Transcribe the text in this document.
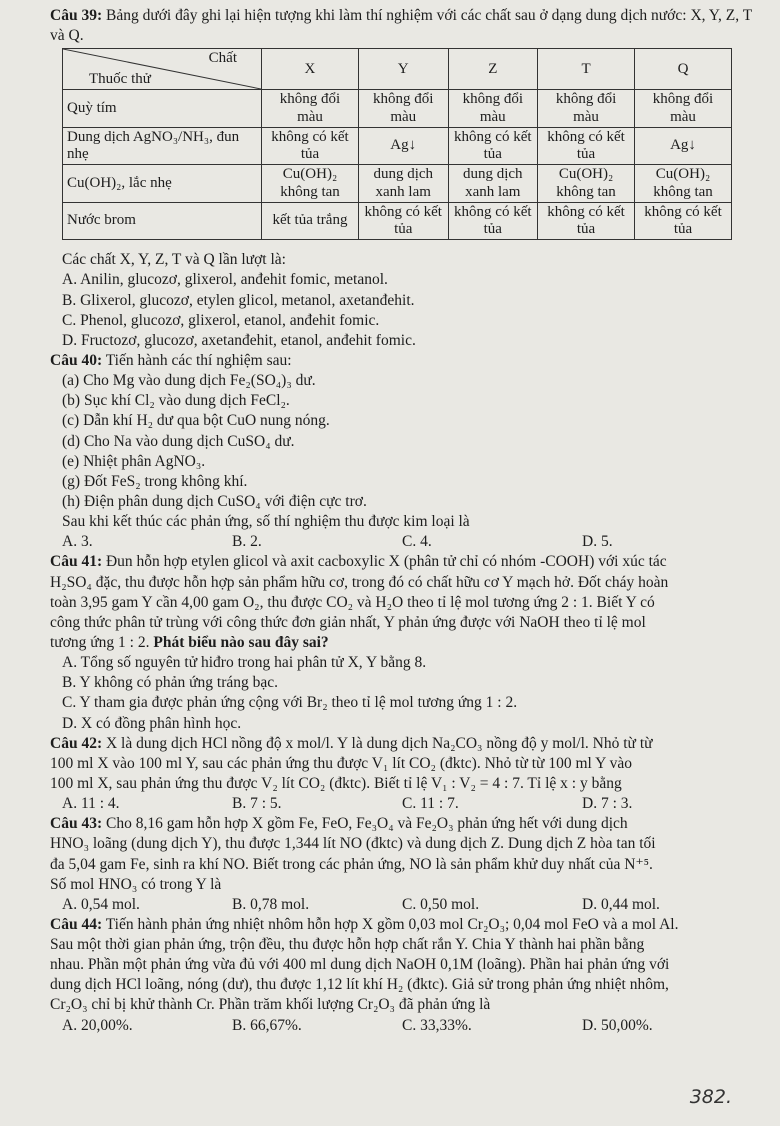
Câu 39: Bảng dưới đây ghi lại hiện tượng khi làm thí nghiệm với các chất sau ở dạng dung dịch nước: X, Y, Z, T và Q.

Chất
Thuốc thử	X	Y	Z	T	Q
Quỳ tím	không đổi màu	không đổi màu	không đổi màu	không đổi màu	không đổi màu
Dung dịch AgNO₃/NH₃, đun nhẹ	không có kết tủa	Ag↓	không có kết tủa	không có kết tủa	Ag↓
Cu(OH)₂, lắc nhẹ	Cu(OH)₂ không tan	dung dịch xanh lam	dung dịch xanh lam	Cu(OH)₂ không tan	Cu(OH)₂ không tan
Nước brom	kết tủa trắng	không có kết tủa	không có kết tủa	không có kết tủa	không có kết tủa

Các chất X, Y, Z, T và Q lần lượt là:

A. Anilin, glucozơ, glixerol, anđehit fomic, metanol.

B. Glixerol, glucozơ, etylen glicol, metanol, axetanđehit.

C. Phenol, glucozơ, glixerol, etanol, anđehit fomic.

D. Fructozơ, glucozơ, axetanđehit, etanol, anđehit fomic.

Câu 40: Tiến hành các thí nghiệm sau:

(a) Cho Mg vào dung dịch Fe₂(SO₄)₃ dư.

(b) Sục khí Cl₂ vào dung dịch FeCl₂.

(c) Dẫn khí H₂ dư qua bột CuO nung nóng.

(d) Cho Na vào dung dịch CuSO₄ dư.

(e) Nhiệt phân AgNO₃.

(g) Đốt FeS₂ trong không khí.

(h) Điện phân dung dịch CuSO₄ với điện cực trơ.

Sau khi kết thúc các phản ứng, số thí nghiệm thu được kim loại là

A. 3.	B. 2.	C. 4.	D. 5.

Câu 41: Đun hỗn hợp etylen glicol và axit cacboxylic X (phân tử chỉ có nhóm -COOH) với xúc tác

H₂SO₄ đặc, thu được hỗn hợp sản phẩm hữu cơ, trong đó có chất hữu cơ Y mạch hở. Đốt cháy hoàn

toàn 3,95 gam Y cần 4,00 gam O₂, thu được CO₂ và H₂O theo tỉ lệ mol tương ứng 2 : 1. Biết Y có

công thức phân tử trùng với công thức đơn giản nhất, Y phản ứng được với NaOH theo tỉ lệ mol

tương ứng 1 : 2. Phát biểu nào sau đây sai?

A. Tổng số nguyên tử hiđro trong hai phân tử X, Y bằng 8.

B. Y không có phản ứng tráng bạc.

C. Y tham gia được phản ứng cộng với Br₂ theo tỉ lệ mol tương ứng 1 : 2.

D. X có đồng phân hình học.

Câu 42: X là dung dịch HCl nồng độ x mol/l. Y là dung dịch Na₂CO₃ nồng độ y mol/l. Nhỏ từ từ

100 ml X vào 100 ml Y, sau các phản ứng thu được V₁ lít CO₂ (đktc). Nhỏ từ từ 100 ml Y vào

100 ml X, sau phản ứng thu được V₂ lít CO₂ (đktc). Biết tỉ lệ V₁ : V₂ = 4 : 7. Tỉ lệ x : y bằng

A. 11 : 4.	B. 7 : 5.	C. 11 : 7.	D. 7 : 3.

Câu 43: Cho 8,16 gam hỗn hợp X gồm Fe, FeO, Fe₃O₄ và Fe₂O₃ phản ứng hết với dung dịch

HNO₃ loãng (dung dịch Y), thu được 1,344 lít NO (đktc) và dung dịch Z. Dung dịch Z hòa tan tối

đa 5,04 gam Fe, sinh ra khí NO. Biết trong các phản ứng, NO là sản phẩm khử duy nhất của N⁺⁵.

Số mol HNO₃ có trong Y là

A. 0,54 mol.	B. 0,78 mol.	C. 0,50 mol.	D. 0,44 mol.

Câu 44: Tiến hành phản ứng nhiệt nhôm hỗn hợp X gồm 0,03 mol Cr₂O₃; 0,04 mol FeO và a mol Al.

Sau một thời gian phản ứng, trộn đều, thu được hỗn hợp chất rắn Y. Chia Y thành hai phần bằng

nhau. Phần một phản ứng vừa đủ với 400 ml dung dịch NaOH 0,1M (loãng). Phần hai phản ứng với

dung dịch HCl loãng, nóng (dư), thu được 1,12 lít khí H₂ (đktc). Giả sử trong phản ứng nhiệt nhôm,

Cr₂O₃ chỉ bị khử thành Cr. Phần trăm khối lượng Cr₂O₃ đã phản ứng là

A. 20,00%.	B. 66,67%.	C. 33,33%.	D. 50,00%.
382.
